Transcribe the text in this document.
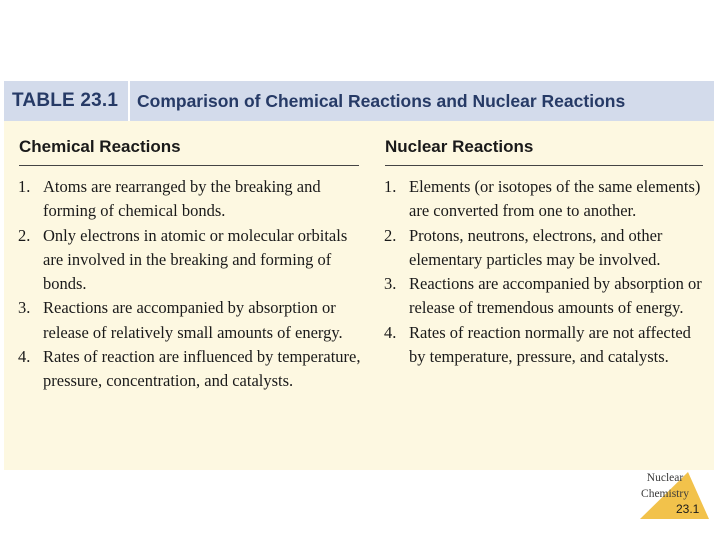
TABLE 23.1 Comparison of Chemical Reactions and Nuclear Reactions
Chemical Reactions
1. Atoms are rearranged by the breaking and forming of chemical bonds.
2. Only electrons in atomic or molecular orbitals are involved in the breaking and forming of bonds.
3. Reactions are accompanied by absorption or release of relatively small amounts of energy.
4. Rates of reaction are influenced by temperature, pressure, concentration, and catalysts.
Nuclear Reactions
1. Elements (or isotopes of the same elements) are converted from one to another.
2. Protons, neutrons, electrons, and other elementary particles may be involved.
3. Reactions are accompanied by absorption or release of tremendous amounts of energy.
4. Rates of reaction normally are not affected by temperature, pressure, and catalysts.
Nuclear
Chemistry
23.1
